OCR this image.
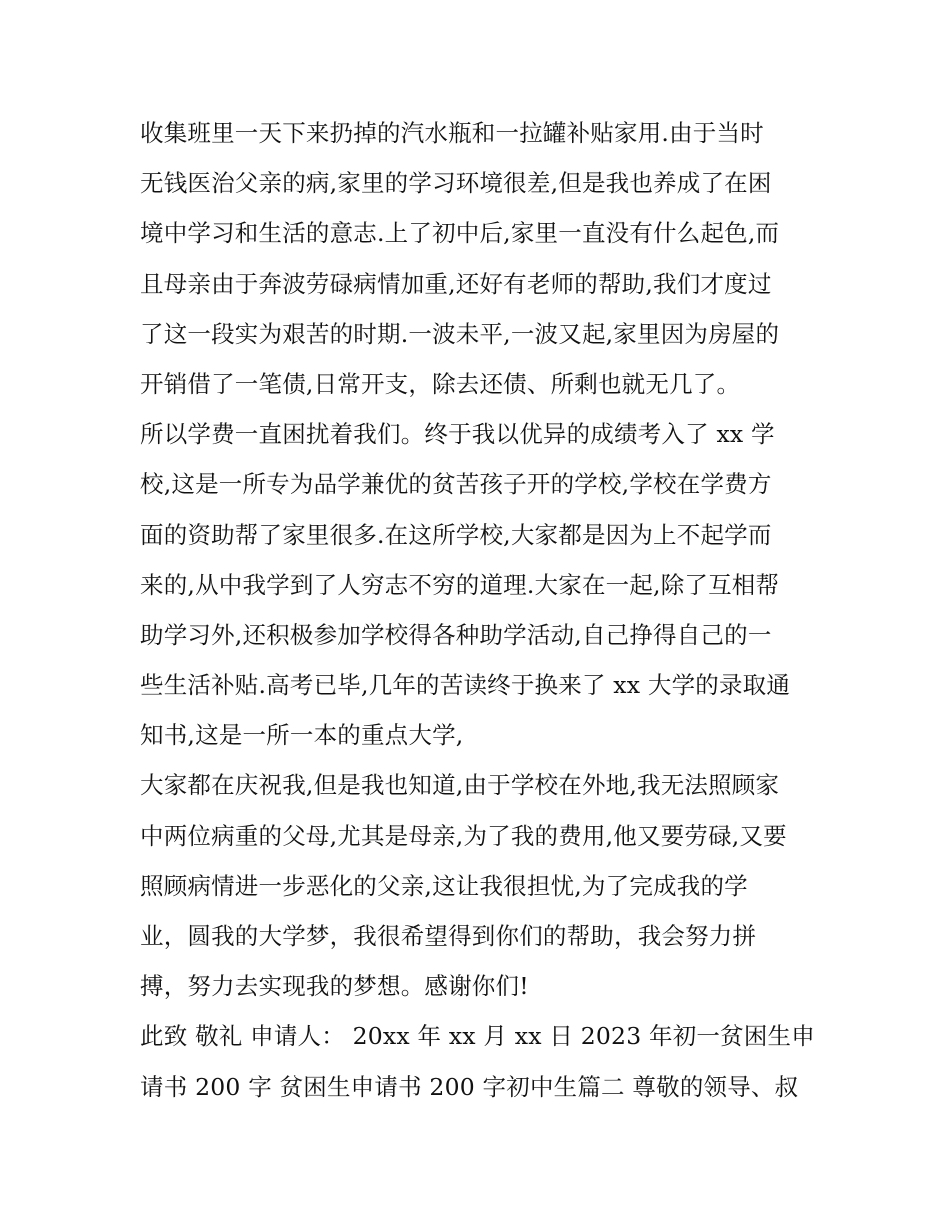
收集班里一天下来扔掉的汽水瓶和一拉罐补贴家用.由于当时
无钱医治父亲的病,家里的学习环境很差,但是我也养成了在困
境中学习和生活的意志.上了初中后,家里一直没有什么起色,而
且母亲由于奔波劳碌病情加重,还好有老师的帮助,我们才度过
了这一段实为艰苦的时期.一波未平,一波又起,家里因为房屋的
开销借了一笔债,日常开支，除去还债、所剩也就无几了。
所以学费一直困扰着我们。终于我以优异的成绩考入了 xx 学
校,这是一所专为品学兼优的贫苦孩子开的学校,学校在学费方
面的资助帮了家里很多.在这所学校,大家都是因为上不起学而
来的,从中我学到了人穷志不穷的道理.大家在一起,除了互相帮
助学习外,还积极参加学校得各种助学活动,自己挣得自己的一
些生活补贴.高考已毕,几年的苦读终于换来了 xx 大学的录取通
知书,这是一所一本的重点大学,
大家都在庆祝我,但是我也知道,由于学校在外地,我无法照顾家
中两位病重的父母,尤其是母亲,为了我的费用,他又要劳碌,又要
照顾病情进一步恶化的父亲,这让我很担忧,为了完成我的学
业，圆我的大学梦，我很希望得到你们的帮助，我会努力拼
搏，努力去实现我的梦想。感谢你们!
此致 敬礼 申请人： 20xx 年 xx 月 xx 日 2023 年初一贫困生申
请书 200 字 贫困生申请书 200 字初中生篇二 尊敬的领导、叔
